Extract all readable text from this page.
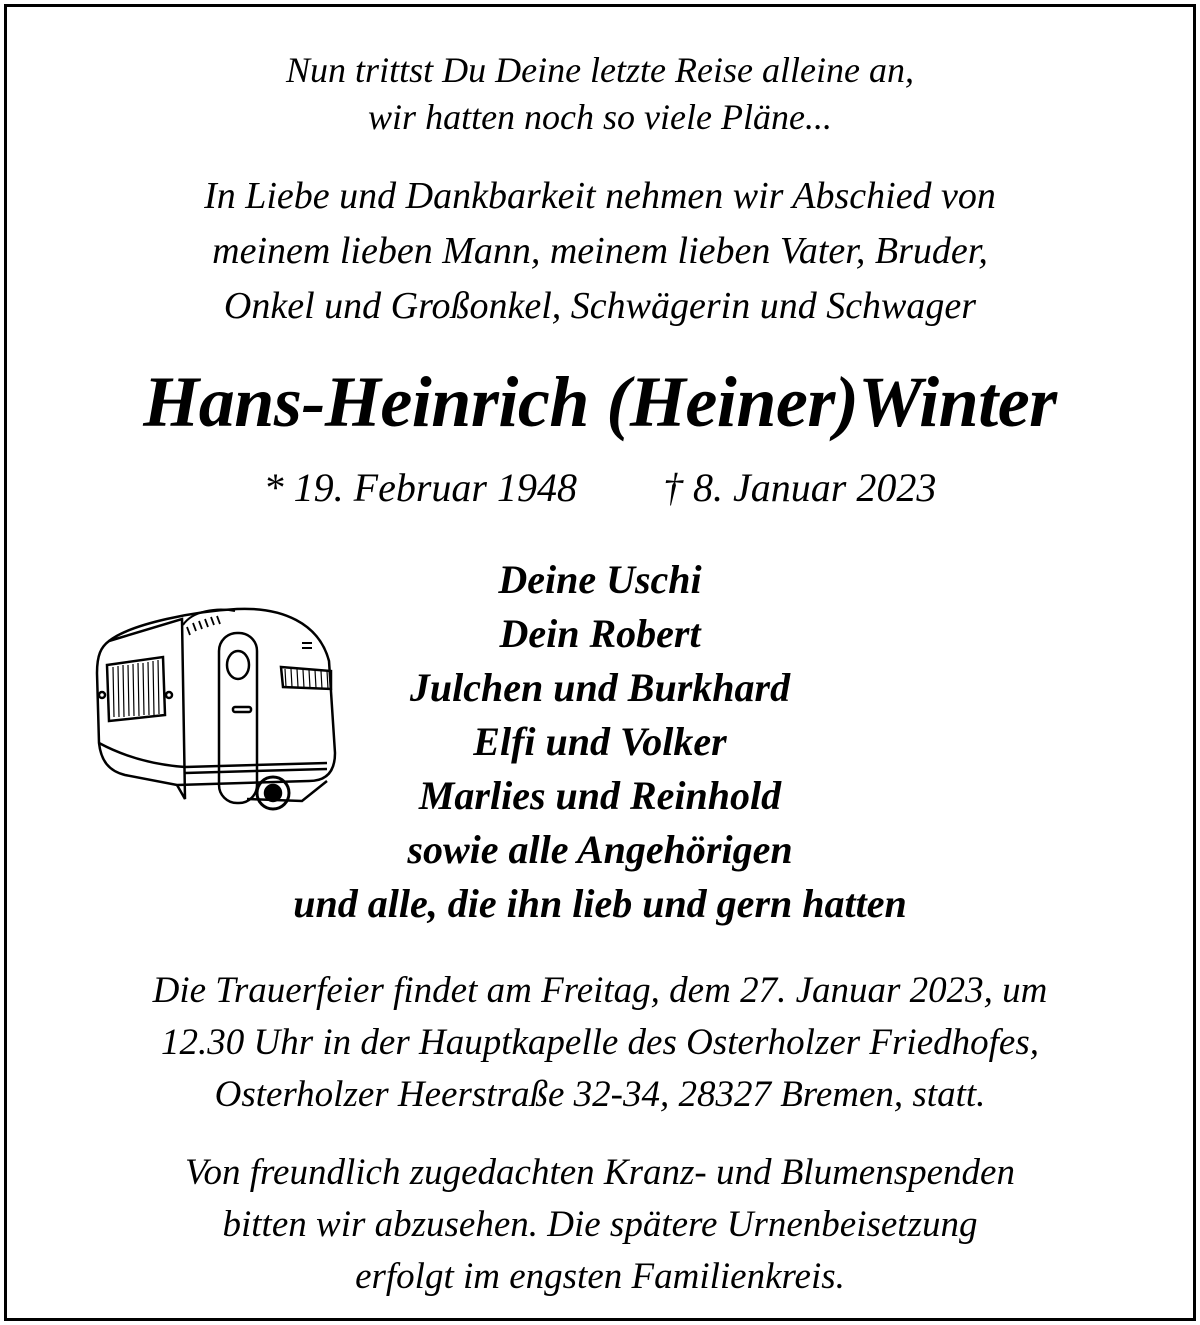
Nun trittst Du Deine letzte Reise alleine an,
wir hatten noch so viele Pläne...
In Liebe und Dankbarkeit nehmen wir Abschied von
meinem lieben Mann, meinem lieben Vater, Bruder,
Onkel und Großonkel, Schwägerin und Schwager
Hans-Heinrich (Heiner)Winter
* 19. Februar 1948 † 8. Januar 2023
Deine Uschi
Dein Robert
Julchen und Burkhard
Elfi und Volker
Marlies und Reinhold
sowie alle Angehörigen
und alle, die ihn lieb und gern hatten
Die Trauerfeier findet am Freitag, dem 27. Januar 2023, um
12.30 Uhr in der Hauptkapelle des Osterholzer Friedhofes,
Osterholzer Heerstraße 32-34, 28327 Bremen, statt.
Von freundlich zugedachten Kranz- und Blumenspenden
bitten wir abzusehen. Die spätere Urnenbeisetzung
erfolgt im engsten Familienkreis.
